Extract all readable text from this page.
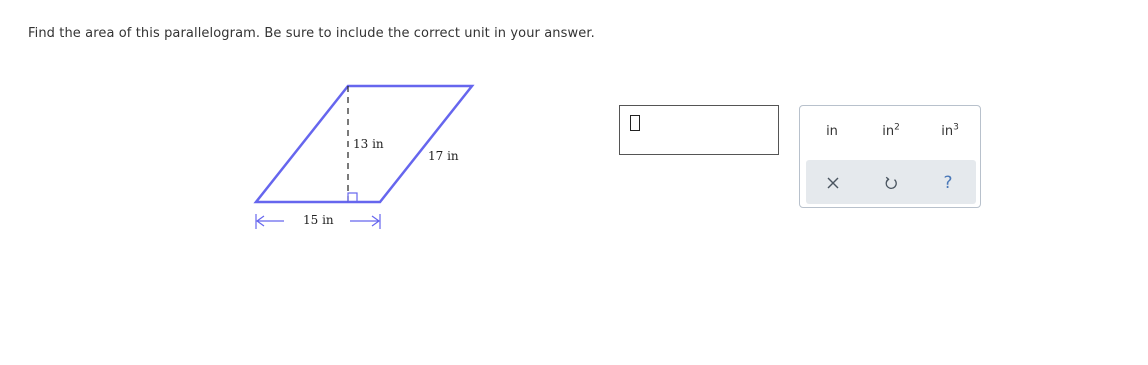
Find the area of this parallelogram. Be sure to include the correct unit in your answer.
13 in
17 in
15 in
in	$in^2$	$in^3$
?
